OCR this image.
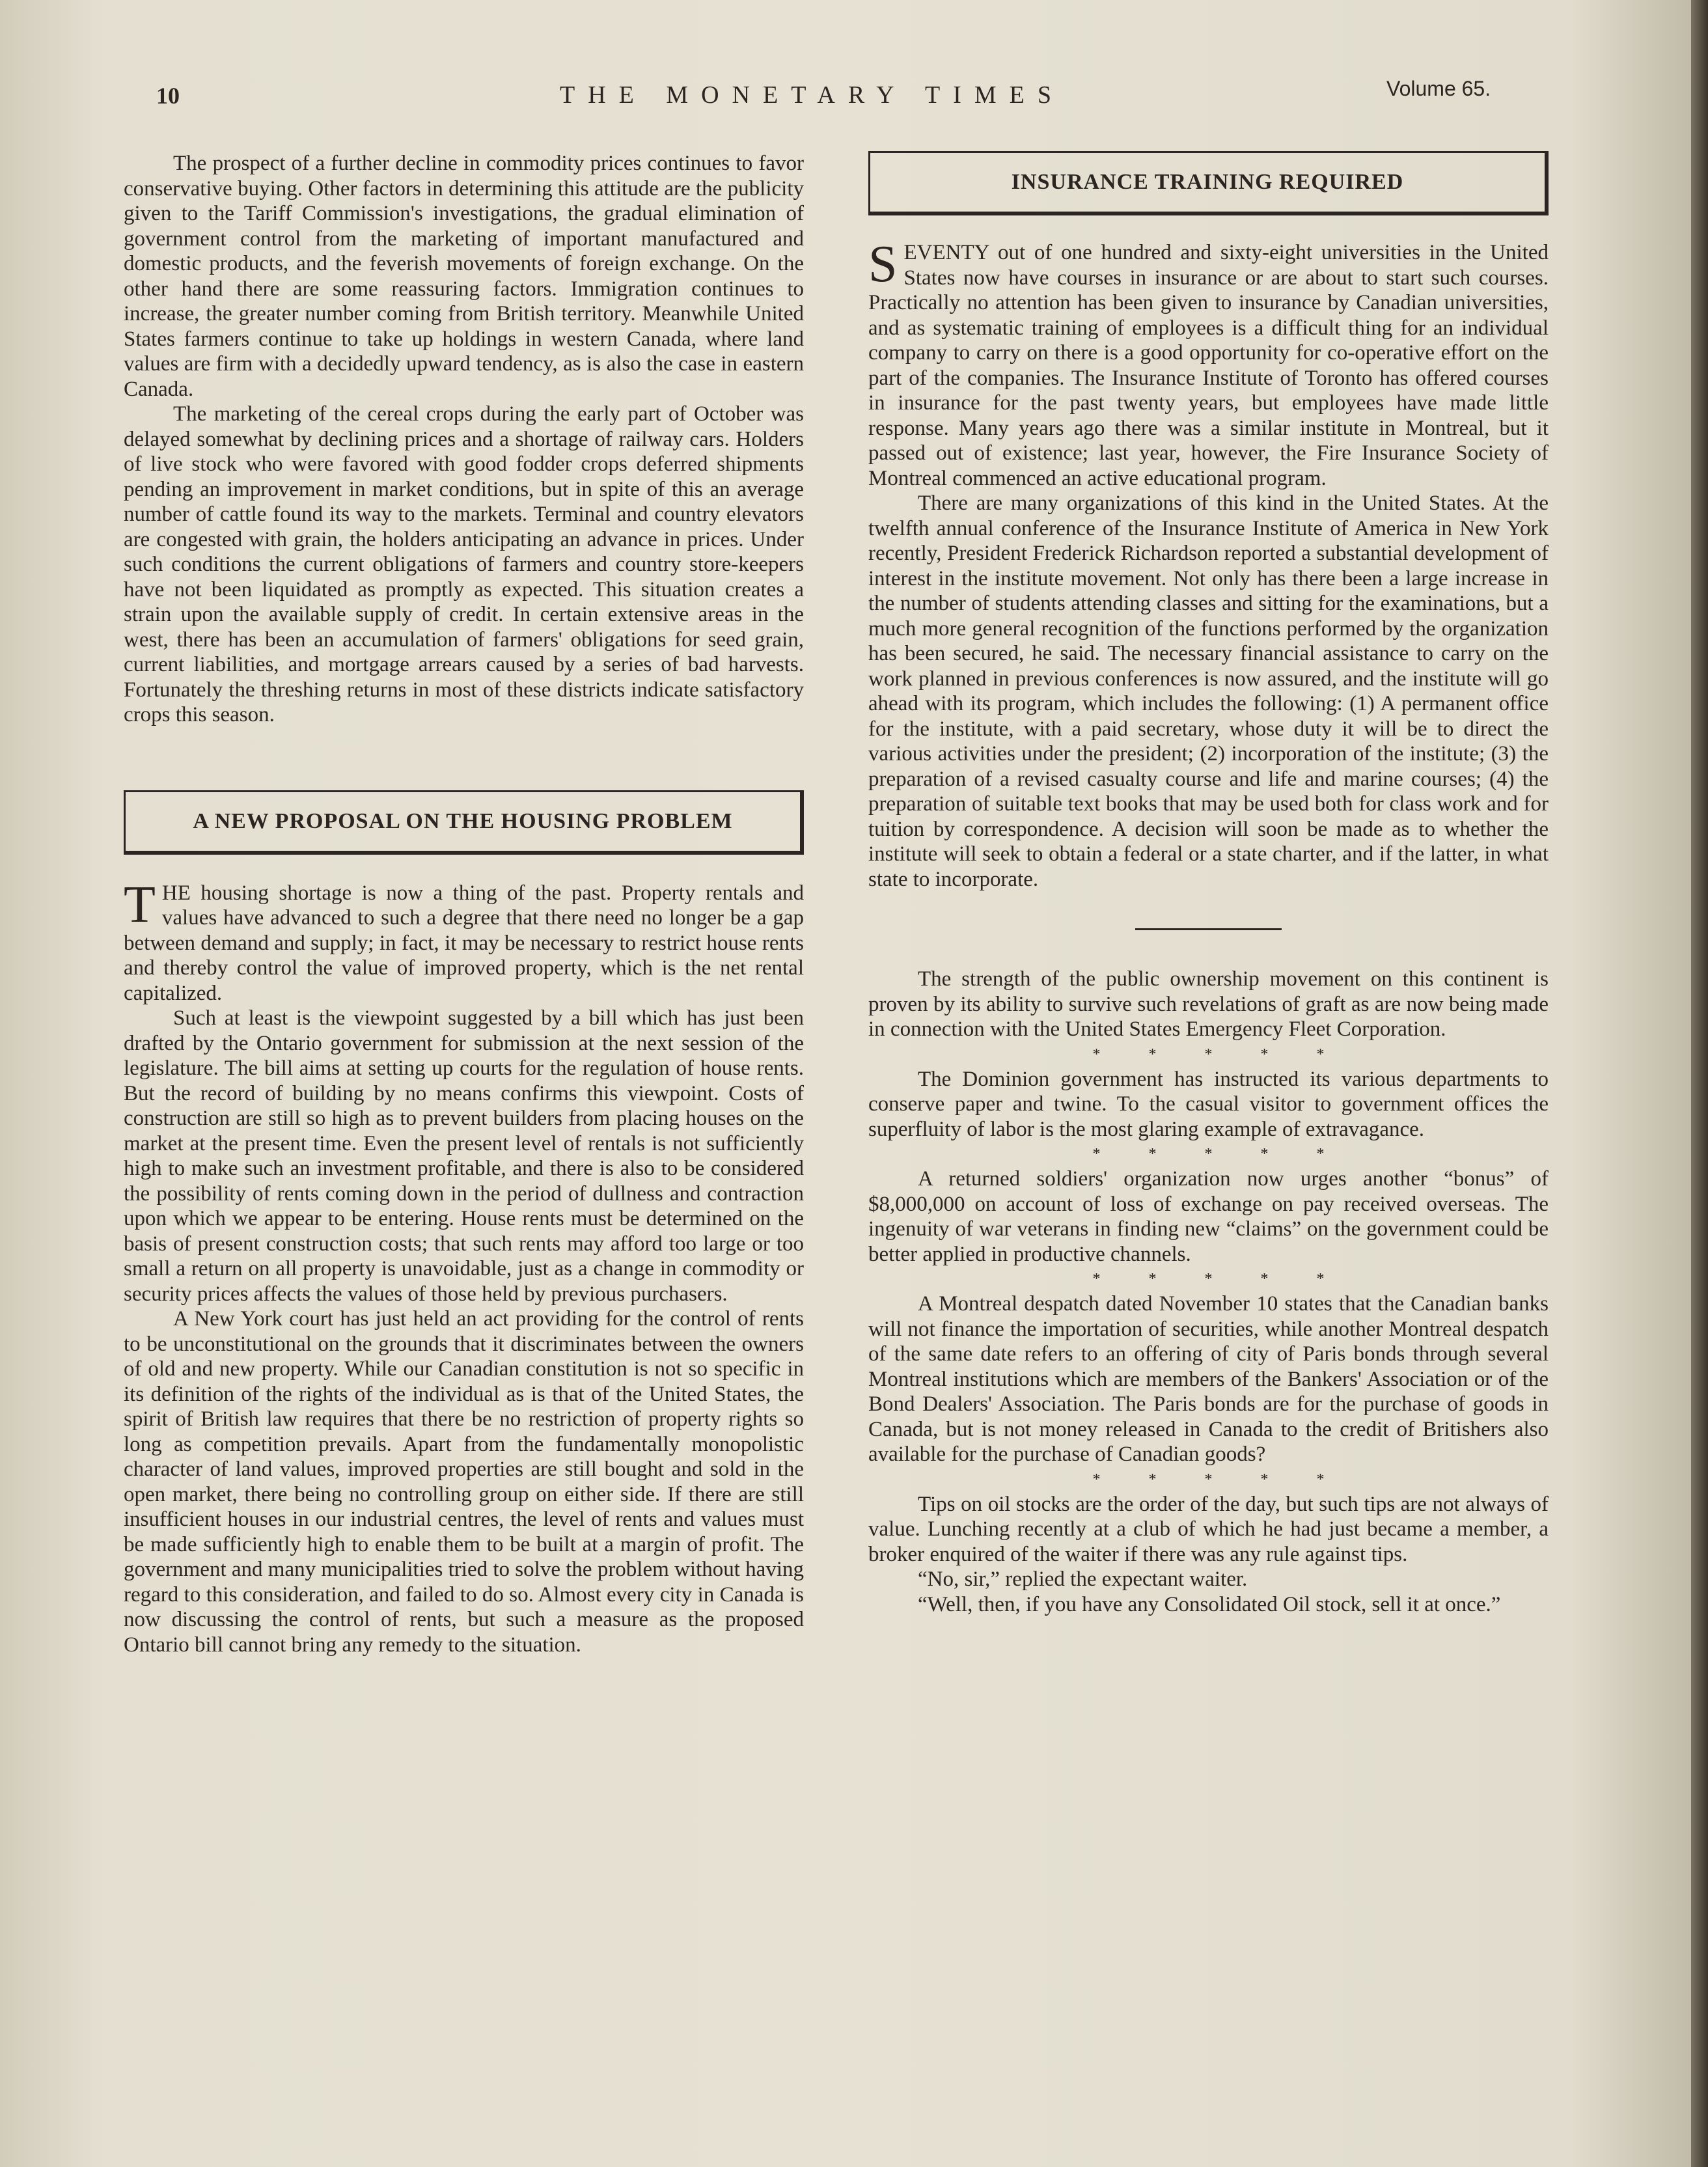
10	THE MONETARY TIMES	Volume 65.

The prospect of a further decline in commodity prices continues to favor conservative buying. Other factors in determining this attitude are the publicity given to the Tariff Commission's investigations, the gradual elimination of government control from the marketing of important manufactured and domestic products, and the feverish movements of foreign exchange. On the other hand there are some reassuring factors. Immigration continues to increase, the greater number coming from British territory. Meanwhile United States farmers continue to take up holdings in western Canada, where land values are firm with a decidedly upward tendency, as is also the case in eastern Canada.

The marketing of the cereal crops during the early part of October was delayed somewhat by declining prices and a shortage of railway cars. Holders of live stock who were favored with good fodder crops deferred shipments pending an improvement in market conditions, but in spite of this an average number of cattle found its way to the markets. Terminal and country elevators are congested with grain, the holders anticipating an advance in prices. Under such conditions the current obligations of farmers and country store-keepers have not been liquidated as promptly as expected. This situation creates a strain upon the available supply of credit. In certain extensive areas in the west, there has been an accumulation of farmers' obligations for seed grain, current liabilities, and mortgage arrears caused by a series of bad harvests. Fortunately the threshing returns in most of these districts indicate satisfactory crops this season.

A NEW PROPOSAL ON THE HOUSING PROBLEM

THE housing shortage is now a thing of the past. Property rentals and values have advanced to such a degree that there need no longer be a gap between demand and supply; in fact, it may be necessary to restrict house rents and thereby control the value of improved property, which is the net rental capitalized.

Such at least is the viewpoint suggested by a bill which has just been drafted by the Ontario government for submission at the next session of the legislature. The bill aims at setting up courts for the regulation of house rents. But the record of building by no means confirms this viewpoint. Costs of construction are still so high as to prevent builders from placing houses on the market at the present time. Even the present level of rentals is not sufficiently high to make such an investment profitable, and there is also to be considered the possibility of rents coming down in the period of dullness and contraction upon which we appear to be entering. House rents must be determined on the basis of present construction costs; that such rents may afford too large or too small a return on all property is unavoidable, just as a change in commodity or security prices affects the values of those held by previous purchasers.

A New York court has just held an act providing for the control of rents to be unconstitutional on the grounds that it discriminates between the owners of old and new property. While our Canadian constitution is not so specific in its definition of the rights of the individual as is that of the United States, the spirit of British law requires that there be no restriction of property rights so long as competition prevails. Apart from the fundamentally monopolistic character of land values, improved properties are still bought and sold in the open market, there being no controlling group on either side. If there are still insufficient houses in our industrial centres, the level of rents and values must be made sufficiently high to enable them to be built at a margin of profit. The government and many municipalities tried to solve the problem without having regard to this consideration, and failed to do so. Almost every city in Canada is now discussing the control of rents, but such a measure as the proposed Ontario bill cannot bring any remedy to the situation.

INSURANCE TRAINING REQUIRED

SEVENTY out of one hundred and sixty-eight universities in the United States now have courses in insurance or are about to start such courses. Practically no attention has been given to insurance by Canadian universities, and as systematic training of employees is a difficult thing for an individual company to carry on there is a good opportunity for co-operative effort on the part of the companies. The Insurance Institute of Toronto has offered courses in insurance for the past twenty years, but employees have made little response. Many years ago there was a similar institute in Montreal, but it passed out of existence; last year, however, the Fire Insurance Society of Montreal commenced an active educational program.

There are many organizations of this kind in the United States. At the twelfth annual conference of the Insurance Institute of America in New York recently, President Frederick Richardson reported a substantial development of interest in the institute movement. Not only has there been a large increase in the number of students attending classes and sitting for the examinations, but a much more general recognition of the functions performed by the organization has been secured, he said. The necessary financial assistance to carry on the work planned in previous conferences is now assured, and the institute will go ahead with its program, which includes the following: (1) A permanent office for the institute, with a paid secretary, whose duty it will be to direct the various activities under the president; (2) incorporation of the institute; (3) the preparation of a revised casualty course and life and marine courses; (4) the preparation of suitable text books that may be used both for class work and for tuition by correspondence. A decision will soon be made as to whether the institute will seek to obtain a federal or a state charter, and if the latter, in what state to incorporate.

The strength of the public ownership movement on this continent is proven by its ability to survive such revelations of graft as are now being made in connection with the United States Emergency Fleet Corporation.

* * * * *

The Dominion government has instructed its various departments to conserve paper and twine. To the casual visitor to government offices the superfluity of labor is the most glaring example of extravagance.

* * * * *

A returned soldiers' organization now urges another “bonus” of $8,000,000 on account of loss of exchange on pay received overseas. The ingenuity of war veterans in finding new “claims” on the government could be better applied in productive channels.

* * * * *

A Montreal despatch dated November 10 states that the Canadian banks will not finance the importation of securities, while another Montreal despatch of the same date refers to an offering of city of Paris bonds through several Montreal institutions which are members of the Bankers' Association or of the Bond Dealers' Association. The Paris bonds are for the purchase of goods in Canada, but is not money released in Canada to the credit of Britishers also available for the purchase of Canadian goods?

* * * * *

Tips on oil stocks are the order of the day, but such tips are not always of value. Lunching recently at a club of which he had just became a member, a broker enquired of the waiter if there was any rule against tips.

“No, sir,” replied the expectant waiter.

“Well, then, if you have any Consolidated Oil stock, sell it at once.”
